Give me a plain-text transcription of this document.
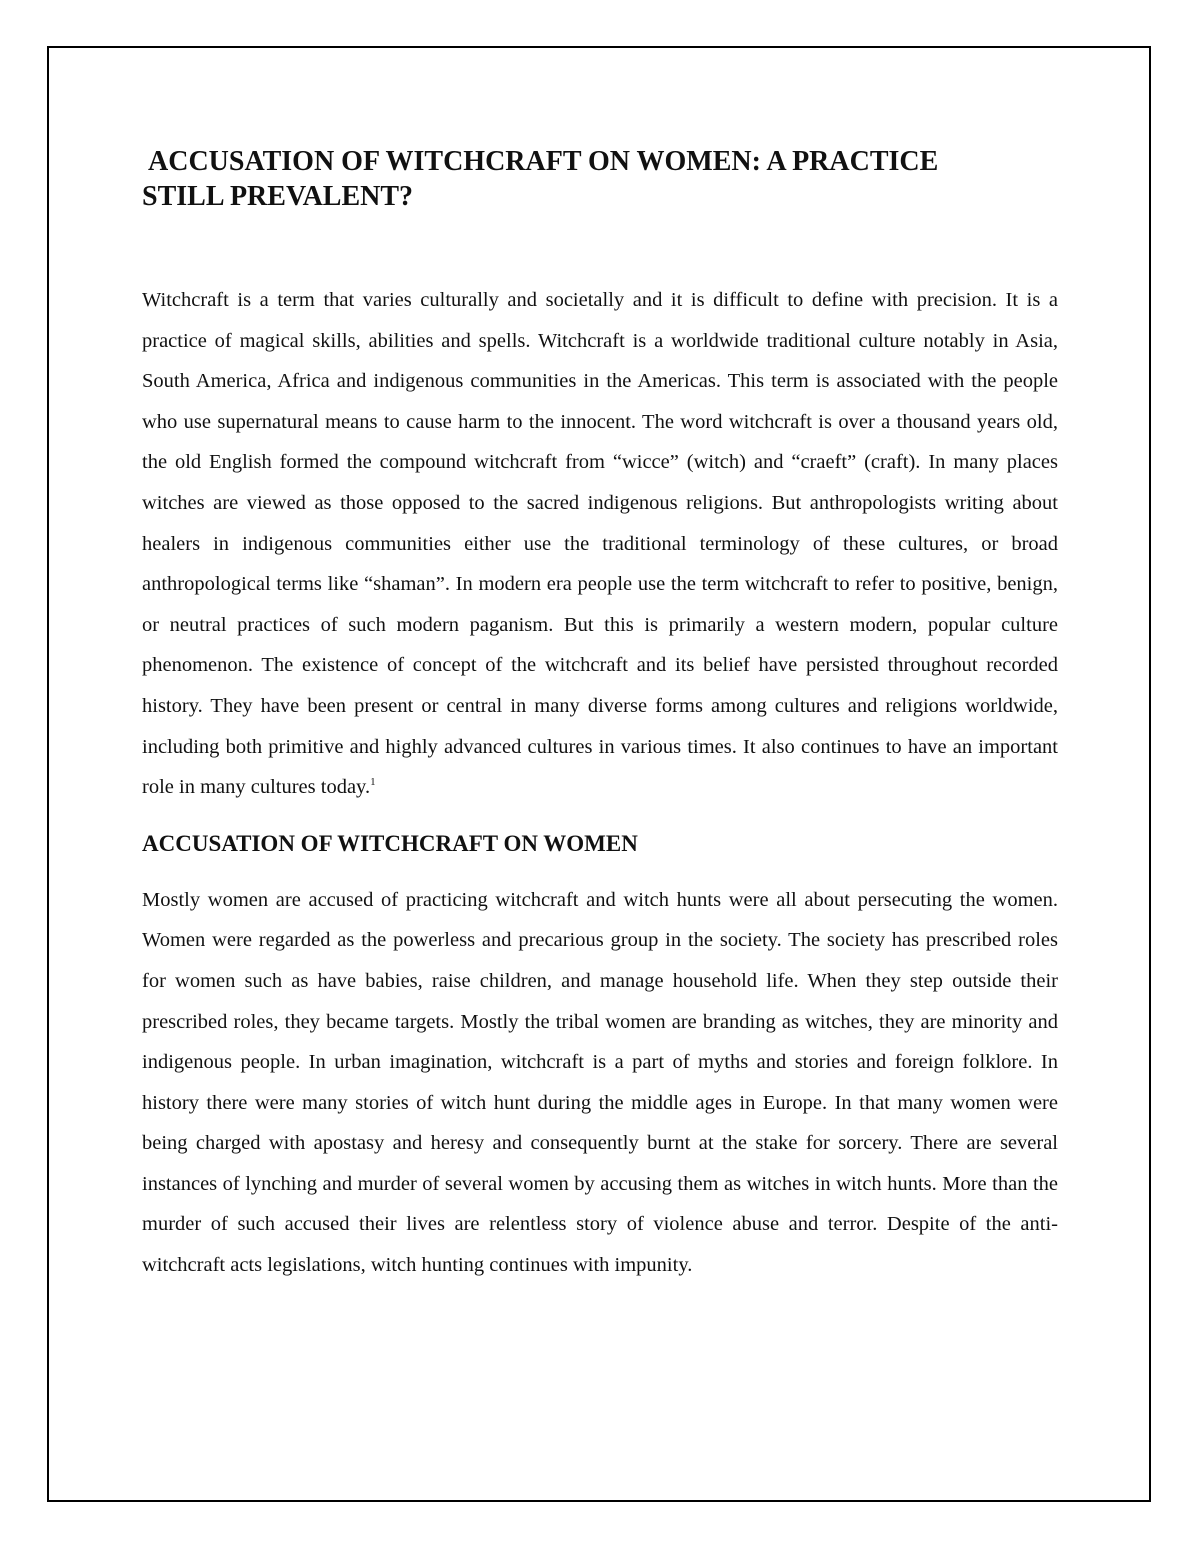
ACCUSATION OF WITCHCRAFT ON WOMEN: A PRACTICE
STILL PREVALENT?

Witchcraft is a term that varies culturally and societally and it is difficult to define with precision. It is a practice of magical skills, abilities and spells. Witchcraft is a worldwide traditional culture notably in Asia, South America, Africa and indigenous communities in the Americas. This term is associated with the people who use supernatural means to cause harm to the innocent. The word witchcraft is over a thousand years old, the old English formed the compound witchcraft from “wicce” (witch) and “craeft” (craft). In many places witches are viewed as those opposed to the sacred indigenous religions. But anthropologists writing about healers in indigenous communities either use the traditional terminology of these cultures, or broad anthropological terms like “shaman”. In modern era people use the term witchcraft to refer to positive, benign, or neutral practices of such modern paganism. But this is primarily a western modern, popular culture phenomenon. The existence of concept of the witchcraft and its belief have persisted throughout recorded history. They have been present or central in many diverse forms among cultures and religions worldwide, including both primitive and highly advanced cultures in various times. It also continues to have an important role in many cultures today.$^1$

ACCUSATION OF WITCHCRAFT ON WOMEN

Mostly women are accused of practicing witchcraft and witch hunts were all about persecuting the women. Women were regarded as the powerless and precarious group in the society. The society has prescribed roles for women such as have babies, raise children, and manage household life. When they step outside their prescribed roles, they became targets. Mostly the tribal women are branding as witches, they are minority and indigenous people. In urban imagination, witchcraft is a part of myths and stories and foreign folklore. In history there were many stories of witch hunt during the middle ages in Europe. In that many women were being charged with apostasy and heresy and consequently burnt at the stake for sorcery. There are several instances of lynching and murder of several women by accusing them as witches in witch hunts. More than the murder of such accused their lives are relentless story of violence abuse and terror. Despite of the anti-witchcraft acts legislations, witch hunting continues with impunity.
